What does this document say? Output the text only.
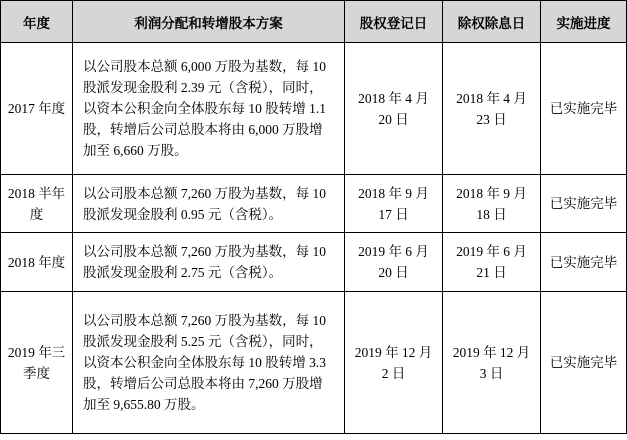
年度	利润分配和转增股本方案	股权登记日	除权除息日	实施进度
2017 年度	以公司股本总额 6,000 万股为基数，每 10 股派发现金股利 2.39 元（含税），同时，以资本公积金向全体股东每 10 股转增 1.1 股，转增后公司总股本将由 6,000 万股增加至 6,660 万股。	2018 年 4 月 20 日	2018 年 4 月 23 日	已实施完毕
2018 半年度	以公司股本总额 7,260 万股为基数，每 10 股派发现金股利 0.95 元（含税）。	2018 年 9 月 17 日	2018 年 9 月 18 日	已实施完毕
2018 年度	以公司股本总额 7,260 万股为基数，每 10 股派发现金股利 2.75 元（含税）。	2019 年 6 月 20 日	2019 年 6 月 21 日	已实施完毕
2019 年三季度	以公司股本总额 7,260 万股为基数，每 10 股派发现金股利 5.25 元（含税），同时，以资本公积金向全体股东每 10 股转增 3.3 股，转增后公司总股本将由 7,260 万股增加至 9,655.80 万股。	2019 年 12 月 2 日	2019 年 12 月 3 日	已实施完毕
